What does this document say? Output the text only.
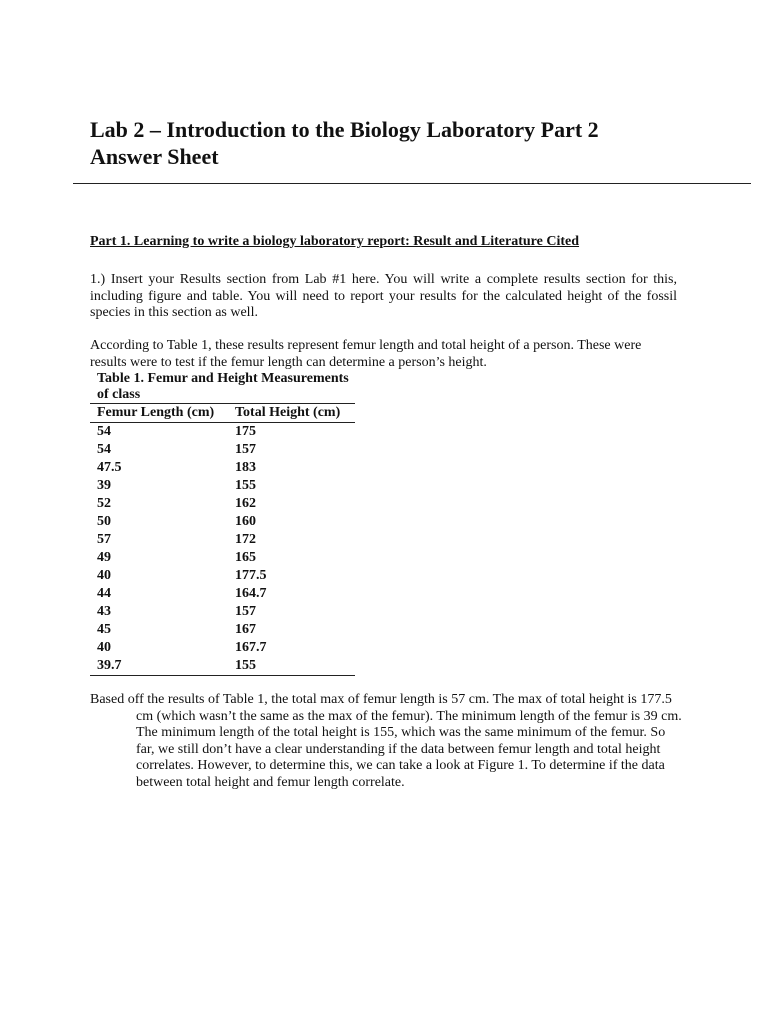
Lab 2 – Introduction to the Biology Laboratory Part 2
Answer Sheet

Part 1. Learning to write a biology laboratory report: Result and Literature Cited

1.) Insert your Results section from Lab #1 here. You will write a complete results section for this, including figure and table. You will need to report your results for the calculated height of the fossil species in this section as well.

According to Table 1, these results represent femur length and total height of a person. These were results were to test if the femur length can determine a person’s height.

Table 1. Femur and Height Measurements of class

Femur Length (cm)	Total Height (cm)
54	175
54	157
47.5	183
39	155
52	162
50	160
57	172
49	165
40	177.5
44	164.7
43	157
45	167
40	167.7
39.7	155

Based off the results of Table 1, the total max of femur length is 57 cm. The max of total height is 177.5 cm (which wasn’t the same as the max of the femur). The minimum length of the femur is 39 cm. The minimum length of the total height is 155, which was the same minimum of the femur. So far, we still don’t have a clear understanding if the data between femur length and total height correlates. However, to determine this, we can take a look at Figure 1. To determine if the data between total height and femur length correlate.
